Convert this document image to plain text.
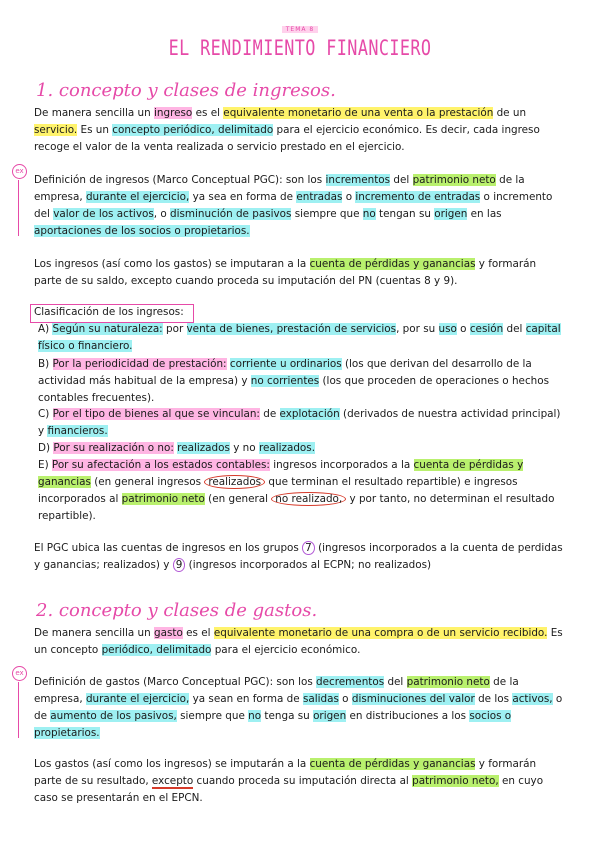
TEMA 8
EL RENDIMIENTO FINANCIERO
1. concepto y clases de ingresos.
De manera sencilla un ingreso es el equivalente monetario de una venta o la prestación de un servicio. Es un concepto periódico, delimitado para el ejercicio económico. Es decir, cada ingreso recoge el valor de la venta realizada o servicio prestado en el ejercicio.
ex
Definición de ingresos (Marco Conceptual PGC): son los incrementos del patrimonio neto de la empresa, durante el ejercicio, ya sea en forma de entradas o incremento de entradas o incremento del valor de los activos, o disminución de pasivos siempre que no tengan su origen en las aportaciones de los socios o propietarios.
Los ingresos (así como los gastos) se imputaran a la cuenta de pérdidas y ganancias y formarán parte de su saldo, excepto cuando proceda su imputación del PN (cuentas 8 y 9).
Clasificación de los ingresos:
A) Según su naturaleza: por venta de bienes, prestación de servicios, por su uso o cesión del capital físico o financiero.
B) Por la periodicidad de prestación: corriente u ordinarios (los que derivan del desarrollo de la actividad más habitual de la empresa) y no corrientes (los que proceden de operaciones o hechos contables frecuentes).
C) Por el tipo de bienes al que se vinculan: de explotación (derivados de nuestra actividad principal) y financieros.
D) Por su realización o no: realizados y no realizados.
E) Por su afectación a los estados contables: ingresos incorporados a la cuenta de pérdidas y ganancias (en general ingresos realizados que terminan el resultado repartible) e ingresos incorporados al patrimonio neto (en general no realizado, y por tanto, no determinan el resultado repartible).
El PGC ubica las cuentas de ingresos en los grupos 7 (ingresos incorporados a la cuenta de perdidas y ganancias; realizados) y 9 (ingresos incorporados al ECPN; no realizados)
2. concepto y clases de gastos.
De manera sencilla un gasto es el equivalente monetario de una compra o de un servicio recibido. Es un concepto periódico, delimitado para el ejercicio económico.
ex
Definición de gastos (Marco Conceptual PGC): son los decrementos del patrimonio neto de la empresa, durante el ejercicio, ya sean en forma de salidas o disminuciones del valor de los activos, o de aumento de los pasivos, siempre que no tenga su origen en distribuciones a los socios o propietarios.
Los gastos (así como los ingresos) se imputarán a la cuenta de pérdidas y ganancias y formarán parte de su resultado, excepto cuando proceda su imputación directa al patrimonio neto, en cuyo caso se presentarán en el EPCN.
